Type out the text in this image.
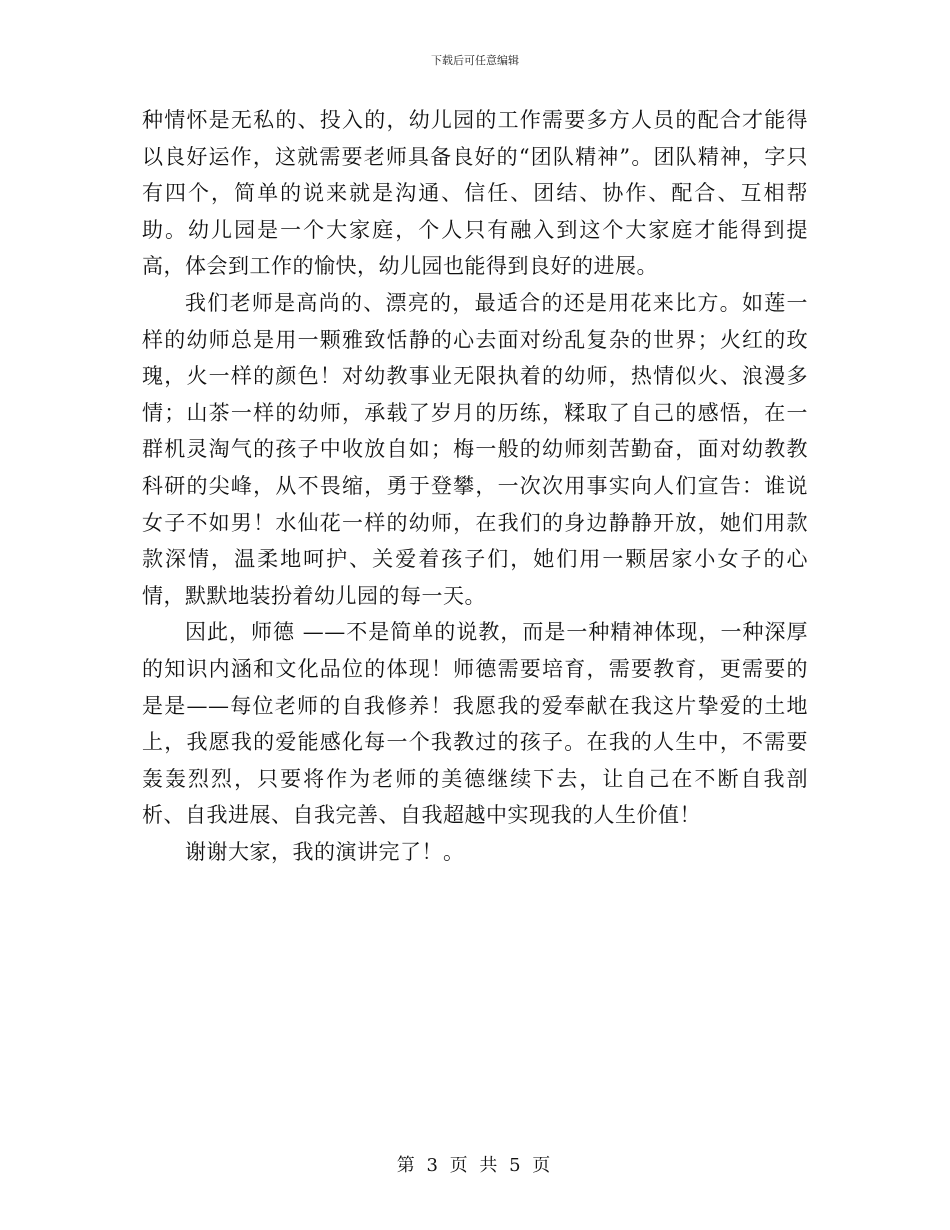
下载后可任意编辑

种情怀是无私的、投入的，幼儿园的工作需要多方人员的配合才能得以良好运作，这就需要老师具备良好的“团队精神”。团队精神，字只有四个，简单的说来就是沟通、信任、团结、协作、配合、互相帮助。幼儿园是一个大家庭，个人只有融入到这个大家庭才能得到提高，体会到工作的愉快，幼儿园也能得到良好的进展。

我们老师是高尚的、漂亮的，最适合的还是用花来比方。如莲一样的幼师总是用一颗雅致恬静的心去面对纷乱复杂的世界；火红的玫瑰，火一样的颜色！对幼教事业无限执着的幼师，热情似火、浪漫多情；山茶一样的幼师，承载了岁月的历练，糅取了自己的感悟，在一群机灵淘气的孩子中收放自如；梅一般的幼师刻苦勤奋，面对幼教教科研的尖峰，从不畏缩，勇于登攀，一次次用事实向人们宣告：谁说女子不如男！水仙花一样的幼师，在我们的身边静静开放，她们用款款深情，温柔地呵护、关爱着孩子们，她们用一颗居家小女子的心情，默默地装扮着幼儿园的每一天。

因此，师德 ——不是简单的说教，而是一种精神体现，一种深厚的知识内涵和文化品位的体现！师德需要培育，需要教育，更需要的是是——每位老师的自我修养！我愿我的爱奉献在我这片挚爱的土地上，我愿我的爱能感化每一个我教过的孩子。在我的人生中，不需要轰轰烈烈，只要将作为老师的美德继续下去，让自己在不断自我剖析、自我进展、自我完善、自我超越中实现我的人生价值！

谢谢大家，我的演讲完了！。

第 3 页 共 5 页
